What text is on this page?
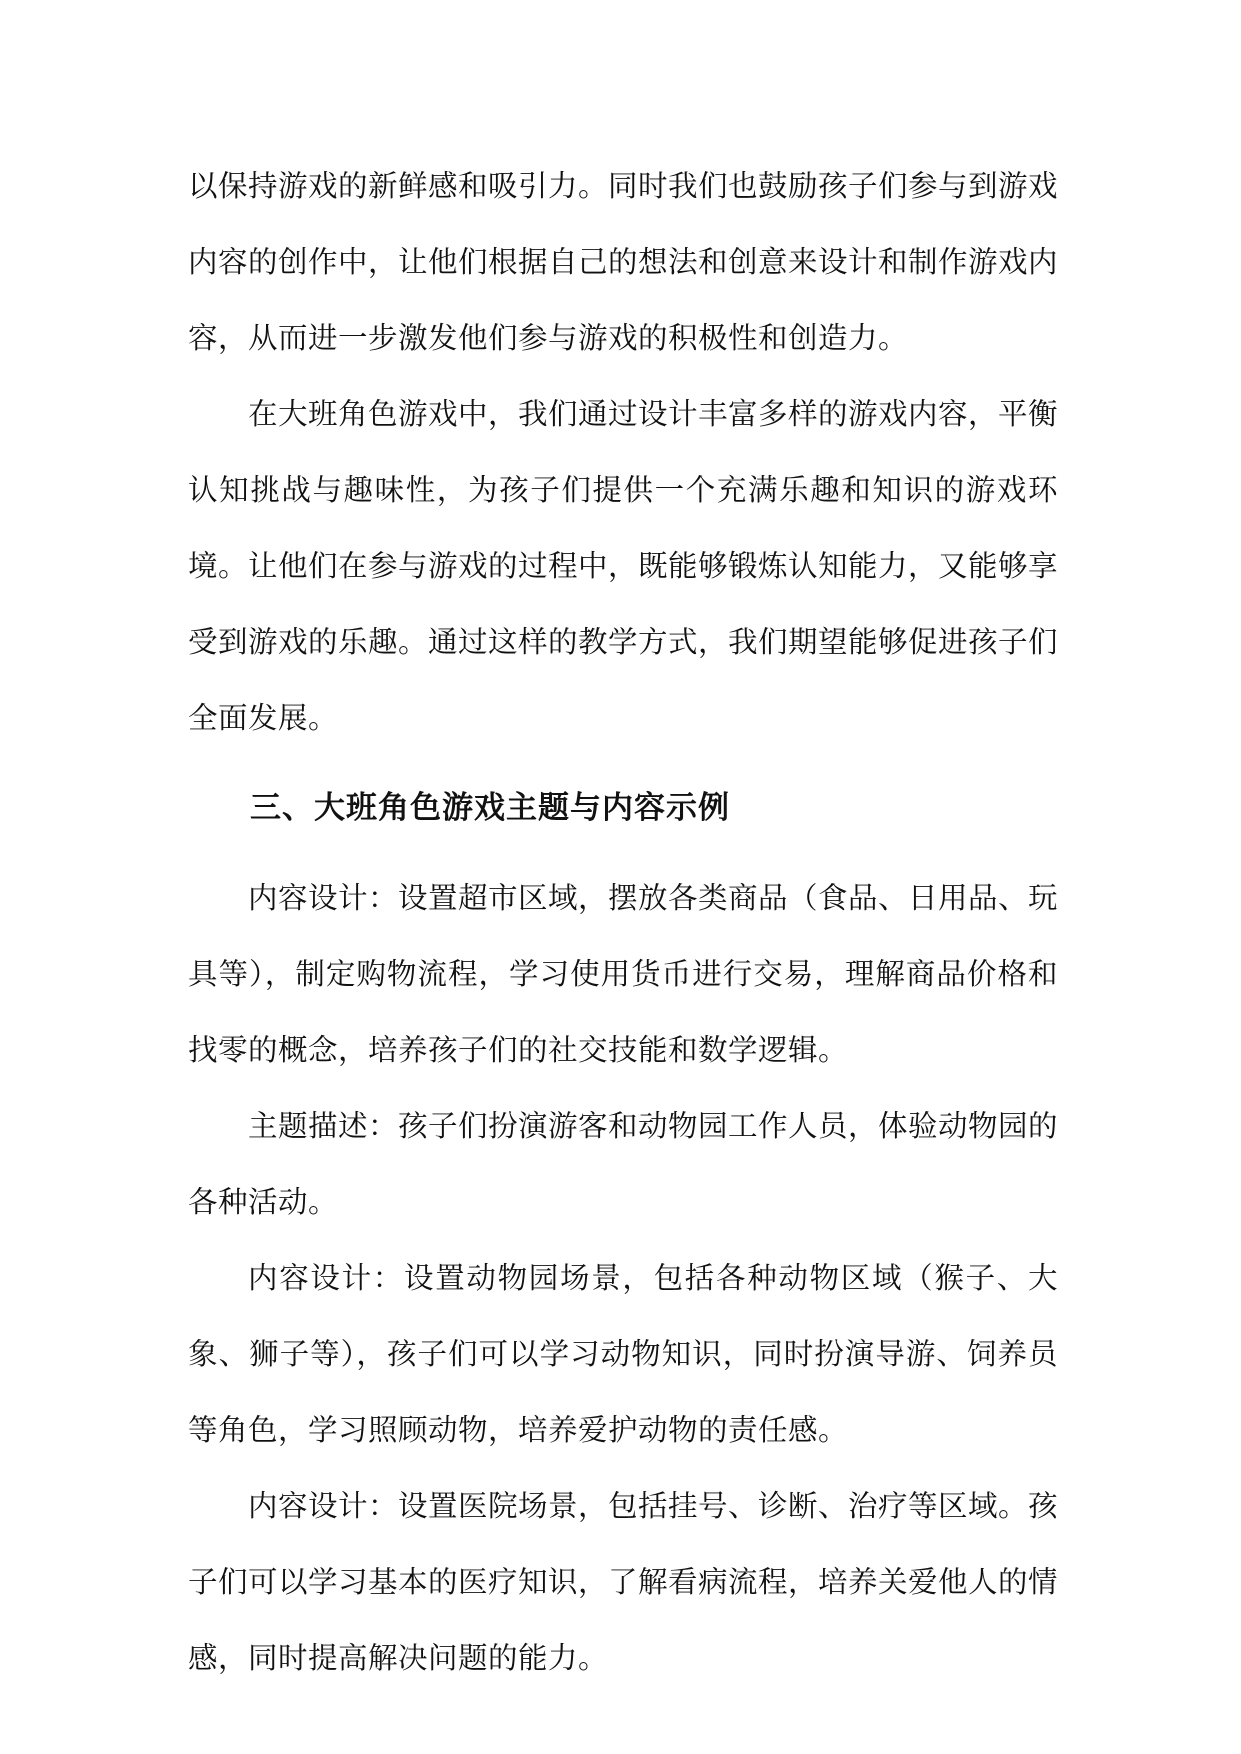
以保持游戏的新鲜感和吸引力。同时我们也鼓励孩子们参与到游戏内容的创作中，让他们根据自己的想法和创意来设计和制作游戏内容，从而进一步激发他们参与游戏的积极性和创造力。

在大班角色游戏中，我们通过设计丰富多样的游戏内容，平衡认知挑战与趣味性，为孩子们提供一个充满乐趣和知识的游戏环境。让他们在参与游戏的过程中，既能够锻炼认知能力，又能够享受到游戏的乐趣。通过这样的教学方式，我们期望能够促进孩子们全面发展。

三、大班角色游戏主题与内容示例

内容设计：设置超市区域，摆放各类商品（食品、日用品、玩具等），制定购物流程，学习使用货币进行交易，理解商品价格和找零的概念，培养孩子们的社交技能和数学逻辑。

主题描述：孩子们扮演游客和动物园工作人员，体验动物园的各种活动。

内容设计：设置动物园场景，包括各种动物区域（猴子、大象、狮子等），孩子们可以学习动物知识，同时扮演导游、饲养员等角色，学习照顾动物，培养爱护动物的责任感。

内容设计：设置医院场景，包括挂号、诊断、治疗等区域。孩子们可以学习基本的医疗知识，了解看病流程，培养关爱他人的情感，同时提高解决问题的能力。
